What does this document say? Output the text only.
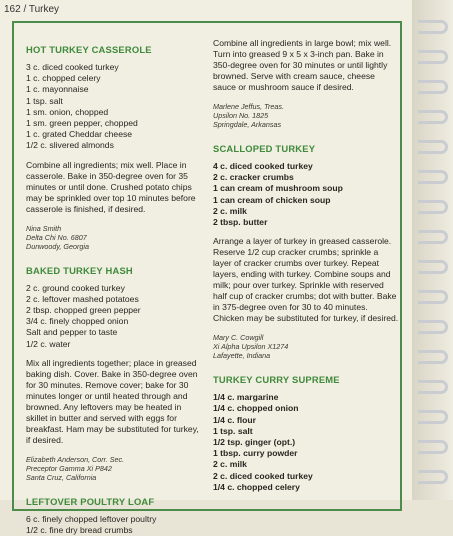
162 / Turkey
HOT TURKEY CASSEROLE
3 c. diced cooked turkey
1 c. chopped celery
1 c. mayonnaise
1 tsp. salt
1 sm. onion, chopped
1 sm. green pepper, chopped
1 c. grated Cheddar cheese
1/2 c. slivered almonds

Combine all ingredients; mix well. Place in casserole. Bake in 350-degree oven for 35 minutes or until done. Crushed potato chips may be sprinkled over top 10 minutes before casserole is finished, if desired.

Nina Smith
Delta Chi No. 6807
Dunwoody, Georgia
BAKED TURKEY HASH
2 c. ground cooked turkey
2 c. leftover mashed potatoes
2 tbsp. chopped green pepper
3/4 c. finely chopped onion
Salt and pepper to taste
1/2 c. water

Mix all ingredients together; place in greased baking dish. Cover. Bake in 350-degree oven for 30 minutes. Remove cover; bake for 30 minutes longer or until heated through and browned. Any leftovers may be heated in skillet in butter and served with eggs for breakfast. Ham may be substituted for turkey, if desired.

Elizabeth Anderson, Corr. Sec.
Preceptor Gamma Xi P842
Santa Cruz, California
LEFTOVER POULTRY LOAF
6 c. finely chopped leftover poultry
1/2 c. fine dry bread crumbs

Combine all ingredients in large bowl; mix well. Turn into greased 9 x 5 x 3-inch pan. Bake in 350-degree oven for 30 minutes or until lightly browned. Serve with cream sauce, cheese sauce or mushroom sauce if desired.

Marlene Jeffus, Treas.
Upsilon No. 1825
Springdale, Arkansas
SCALLOPED TURKEY
4 c. diced cooked turkey
2 c. cracker crumbs
1 can cream of mushroom soup
1 can cream of chicken soup
2 c. milk
2 tbsp. butter

Arrange a layer of turkey in greased casserole. Reserve 1/2 cup cracker crumbs; sprinkle a layer of cracker crumbs over turkey. Repeat layers, ending with turkey. Combine soups and milk; pour over turkey. Sprinkle with reserved half cup of cracker crumbs; dot with butter. Bake in 375-degree oven for 30 to 40 minutes. Chicken may be substituted for turkey, if desired.

Mary C. Cowgill
Xi Alpha Upsilon X1274
Lafayette, Indiana
TURKEY CURRY SUPREME
1/4 c. margarine
1/4 c. chopped onion
1/4 c. flour
1 tsp. salt
1/2 tsp. ginger (opt.)
1 tbsp. curry powder
2 c. milk
2 c. diced cooked turkey
1/4 c. chopped celery
